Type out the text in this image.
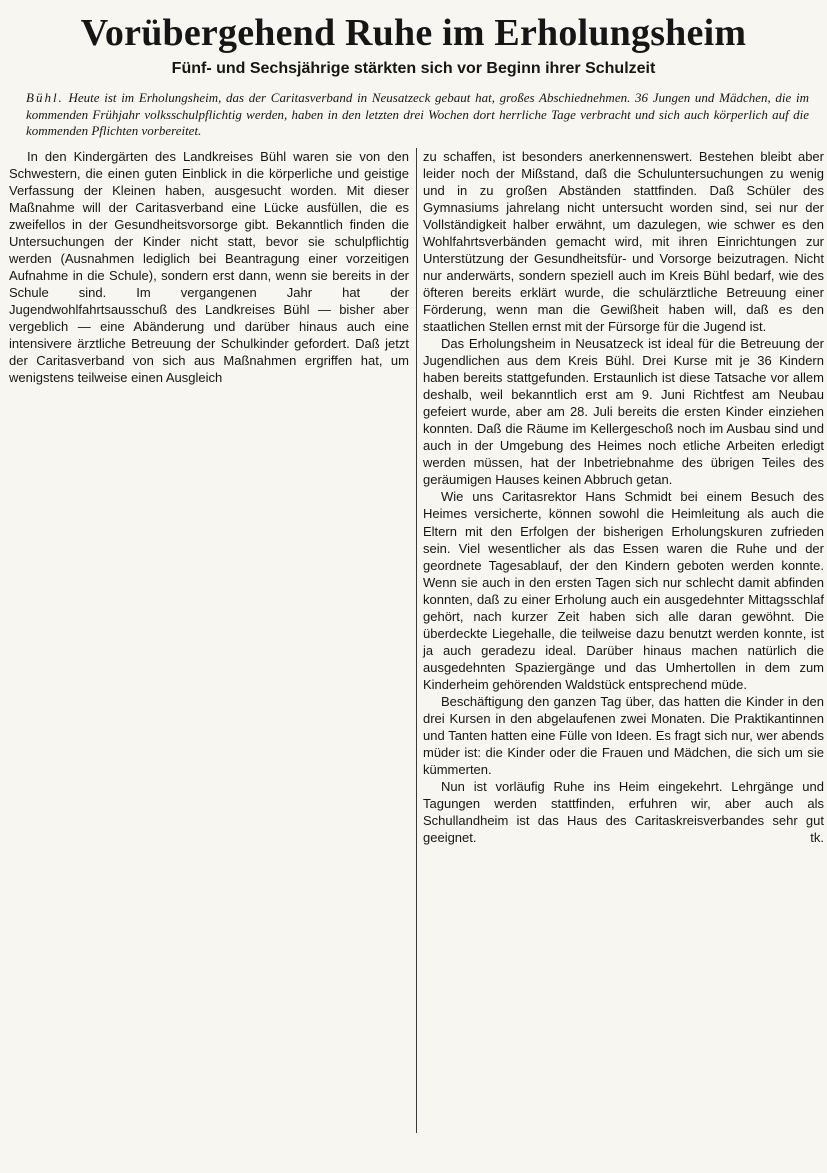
Vorübergehend Ruhe im Erholungsheim
Fünf- und Sechsjährige stärkten sich vor Beginn ihrer Schulzeit
Bühl. Heute ist im Erholungsheim, das der Caritasverband in Neusatzeck gebaut hat, großes Abschiednehmen. 36 Jungen und Mädchen, die im kommenden Frühjahr volksschulpflichtig werden, haben in den letzten drei Wochen dort herrliche Tage verbracht und sich auch körperlich auf die kommenden Pflichten vorbereitet.

In den Kindergärten des Landkreises Bühl waren sie von den Schwestern, die einen guten Einblick in die körperliche und geistige Verfassung der Kleinen haben, ausgesucht worden. Mit dieser Maßnahme will der Caritasverband eine Lücke ausfüllen, die es zweifellos in der Gesundheitsvorsorge gibt. Bekanntlich finden die Untersuchungen der Kinder nicht statt, bevor sie schulpflichtig werden (Ausnahmen lediglich bei Beantragung einer vorzeitigen Aufnahme in die Schule), sondern erst dann, wenn sie bereits in der Schule sind. Im vergangenen Jahr hat der Jugendwohlfahrtsausschuß des Landkreises Bühl — bisher aber vergeblich — eine Abänderung und darüber hinaus auch eine intensivere ärztliche Betreuung der Schulkinder gefordert. Daß jetzt der Caritasverband von sich aus Maßnahmen ergriffen hat, um wenigstens teilweise einen Ausgleich

zu schaffen, ist besonders anerkennenswert. Bestehen bleibt aber leider noch der Mißstand, daß die Schuluntersuchungen zu wenig und in zu großen Abständen stattfinden. Daß Schüler des Gymnasiums jahrelang nicht untersucht worden sind, sei nur der Vollständigkeit halber erwähnt, um dazulegen, wie schwer es den Wohlfahrtsverbänden gemacht wird, mit ihren Einrichtungen zur Unterstützung der Gesundheitsfür- und Vorsorge beizutragen. Nicht nur anderwärts, sondern speziell auch im Kreis Bühl bedarf, wie des öfteren bereits erklärt wurde, die schulärztliche Betreuung einer Förderung, wenn man die Gewißheit haben will, daß es den staatlichen Stellen ernst mit der Fürsorge für die Jugend ist.

Das Erholungsheim in Neusatzeck ist ideal für die Betreuung der Jugendlichen aus dem Kreis Bühl. Drei Kurse mit je 36 Kindern haben bereits stattgefunden. Erstaunlich ist diese Tatsache vor allem deshalb, weil bekanntlich erst am 9. Juni Richtfest am Neubau gefeiert wurde, aber am 28. Juli bereits die ersten Kinder einziehen konnten. Daß die Räume im Kellergeschoß noch im Ausbau sind und auch in der Umgebung des Heimes noch etliche Arbeiten erledigt werden müssen, hat der Inbetriebnahme des übrigen Teiles des geräumigen Hauses keinen Abbruch getan.

Wie uns Caritasrektor Hans Schmidt bei einem Besuch des Heimes versicherte, können sowohl die Heimleitung als auch die Eltern mit den Erfolgen der bisherigen Erholungskuren zufrieden sein. Viel wesentlicher als das Essen waren die Ruhe und der geordnete Tagesablauf, der den Kindern geboten werden konnte. Wenn sie auch in den ersten Tagen sich nur schlecht damit abfinden konnten, daß zu einer Erholung auch ein ausgedehnter Mittagsschlaf gehört, nach kurzer Zeit haben sich alle daran gewöhnt. Die überdeckte Liegehalle, die teilweise dazu benutzt werden konnte, ist ja auch geradezu ideal. Darüber hinaus machen natürlich die ausgedehnten Spaziergänge und das Umhertollen in dem zum Kinderheim gehörenden Waldstück entsprechend müde.

Beschäftigung den ganzen Tag über, das hatten die Kinder in den drei Kursen in den abgelaufenen zwei Monaten. Die Praktikantinnen und Tanten hatten eine Fülle von Ideen. Es fragt sich nur, wer abends müder ist: die Kinder oder die Frauen und Mädchen, die sich um sie kümmerten.

Nun ist vorläufig Ruhe ins Heim eingekehrt. Lehrgänge und Tagungen werden stattfinden, erfuhren wir, aber auch als Schullandheim ist das Haus des Caritaskreisverbandes sehr gut geeignet.	tk.
